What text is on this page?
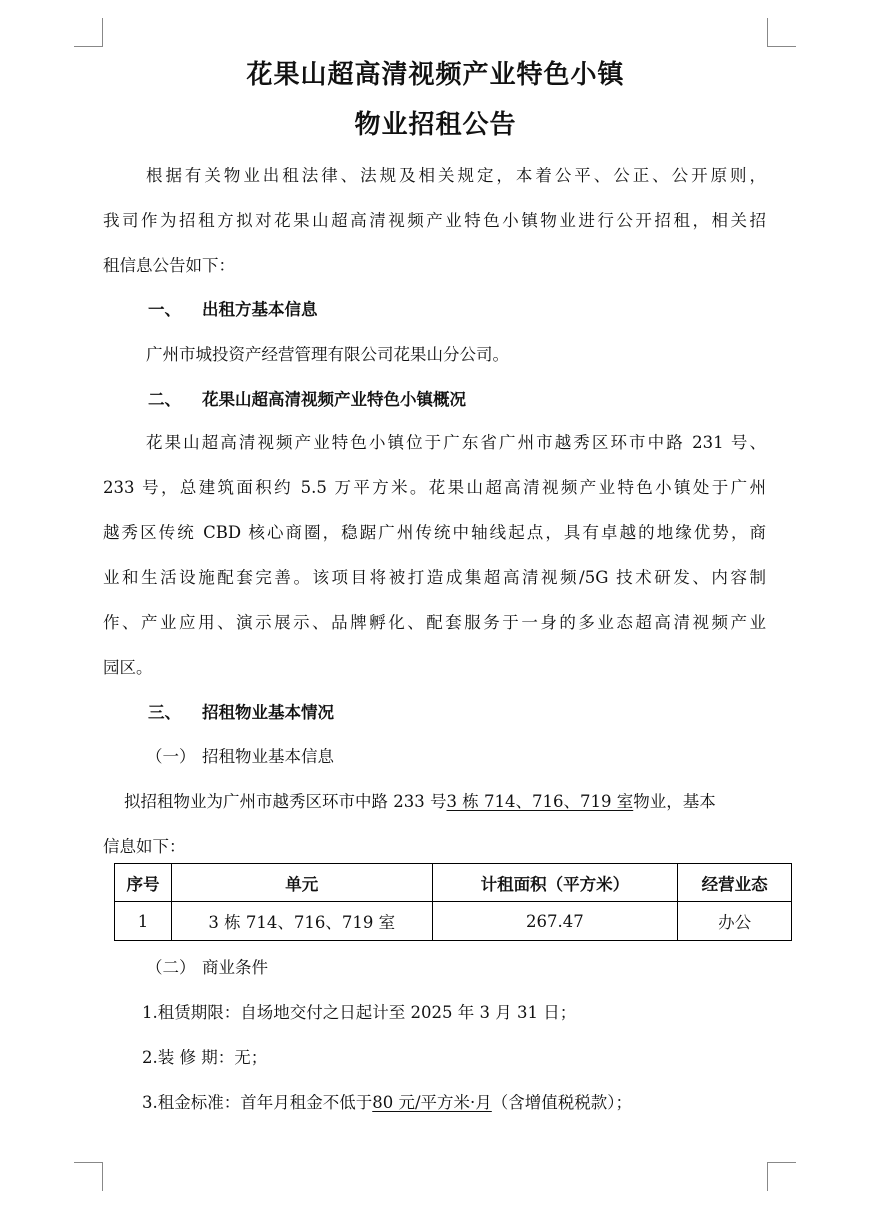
花果山超高清视频产业特色小镇
物业招租公告
根据有关物业出租法律、法规及相关规定，本着公平、公正、公开原则，
我司作为招租方拟对花果山超高清视频产业特色小镇物业进行公开招租，相关招
租信息公告如下：
一、 出租方基本信息
广州市城投资产经营管理有限公司花果山分公司。
二、 花果山超高清视频产业特色小镇概况
花果山超高清视频产业特色小镇位于广东省广州市越秀区环市中路 231 号、
233 号，总建筑面积约 5.5 万平方米。花果山超高清视频产业特色小镇处于广州
越秀区传统 CBD 核心商圈，稳踞广州传统中轴线起点，具有卓越的地缘优势，商
业和生活设施配套完善。该项目将被打造成集超高清视频/5G 技术研发、内容制
作、产业应用、演示展示、品牌孵化、配套服务于一身的多业态超高清视频产业
园区。
三、 招租物业基本情况
（一） 招租物业基本信息
拟招租物业为广州市越秀区环市中路 233 号3 栋 714、716、719 室物业，基本
信息如下：
序号	单元	计租面积（平方米）	经营业态
1	3 栋 714、716、719 室	267.47	办公
（二） 商业条件
1.租赁期限：自场地交付之日起计至 2025 年 3 月 31 日；
2.装 修 期：无；
3.租金标准：首年月租金不低于80 元/平方米·月（含增值税税款）；
